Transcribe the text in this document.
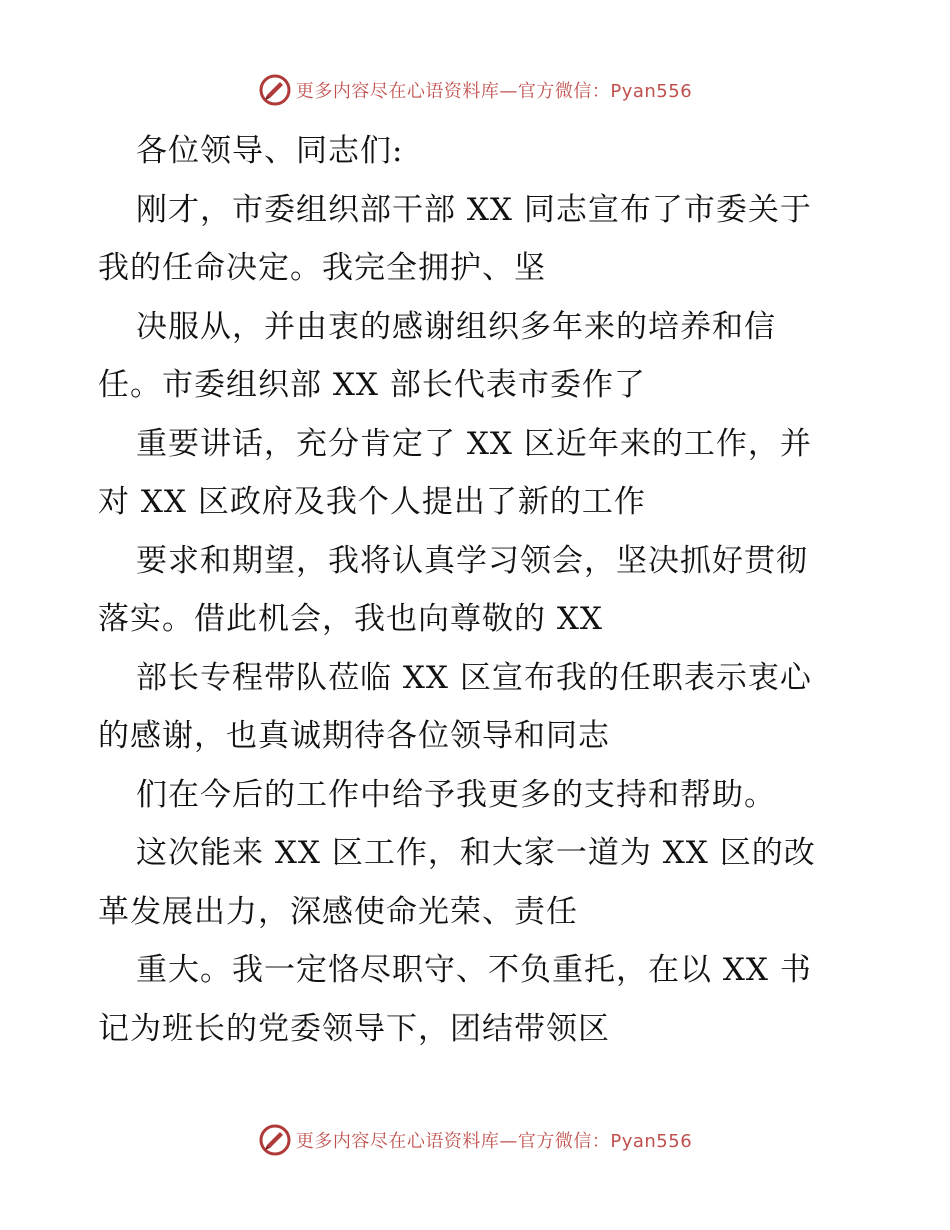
更多内容尽在心语资料库—官方微信：Pyan556
各位领导、同志们:
刚才，市委组织部干部 XX 同志宣布了市委关于
我的任命决定。我完全拥护、坚
决服从，并由衷的感谢组织多年来的培养和信
任。市委组织部 XX 部长代表市委作了
重要讲话，充分肯定了 XX 区近年来的工作，并
对 XX 区政府及我个人提出了新的工作
要求和期望，我将认真学习领会，坚决抓好贯彻
落实。借此机会，我也向尊敬的 XX
部长专程带队莅临 XX 区宣布我的任职表示衷心
的感谢，也真诚期待各位领导和同志
们在今后的工作中给予我更多的支持和帮助。
这次能来 XX 区工作，和大家一道为 XX 区的改
革发展出力，深感使命光荣、责任
重大。我一定恪尽职守、不负重托，在以 XX 书
记为班长的党委领导下，团结带领区
更多内容尽在心语资料库—官方微信：Pyan556
